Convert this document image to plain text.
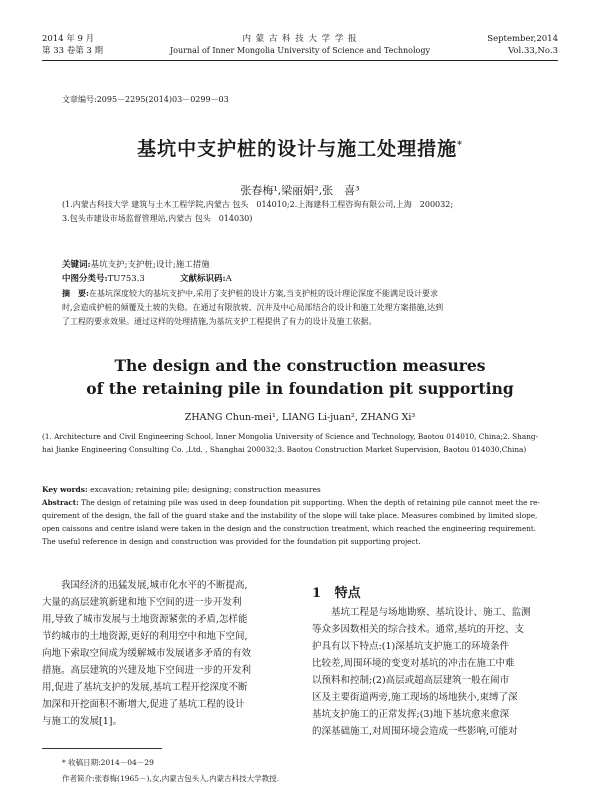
2014 年 9 月
第 33 卷第 3 期
内 蒙 古 科 技 大 学 学 报
Journal of Inner Mongolia University of Science and Technology
September,2014
Vol.33,No.3
文章编号:2095－2295(2014)03－0299－03
基坑中支护桩的设计与施工处理措施*
张春梅¹,梁丽娟²,张　喜³
(1.内蒙古科技大学 建筑与土木工程学院,内蒙古 包头　014010;2.上海建科工程咨询有限公司,上海　200032;
3.包头市建设市场监督管理站,内蒙古 包头　014030)
关键词:基坑支护;支护桩;设计;施工措施
中图分类号:TU753.3	文献标识码:A
摘　要:在基坑深度较大的基坑支护中,采用了支护桩的设计方案,当支护桩的设计理论深度不能满足设计要求
时,会造成护桩的倾覆及土坡的失稳。在通过有限放坡、沉井及中心局部结合的设计和施工处理方案措施,达到
了工程的要求效果。通过这样的处理措施,为基坑支护工程提供了有力的设计及施工依据。
The design and the construction measures
of the retaining pile in foundation pit supporting
ZHANG Chun-mei¹, LIANG Li-juan², ZHANG Xi³
(1. Architecture and Civil Engineering School, Inner Mongolia University of Science and Technology, Baotou 014010, China;2. Shang-
hai Jianke Engineering Consulting Co. ,Ltd. , Shanghai 200032;3. Baotou Construction Market Supervision, Baotou 014030,China)
Key words: excavation; retaining pile; designing; construction measures
Abstract: The design of retaining pile was used in deep foundation pit supporting. When the depth of retaining pile cannot meet the re-
quirement of the design, the fall of the guard stake and the instability of the slope will take place. Measures combined by limited slope,
open caissons and centre island were taken in the design and the construction treatment, which reached the engineering requirement.
The useful reference in design and construction was provided for the foundation pit supporting project.
我国经济的迅猛发展,城市化水平的不断提高,
大量的高层建筑新建和地下空间的进一步开发利
用,导致了城市发展与土地资源紧张的矛盾,怎样能
节约城市的土地资源,更好的利用空中和地下空间,
向地下索取空间成为缓解城市发展诸多矛盾的有效
措施。高层建筑的兴建及地下空间进一步的开发利
用,促进了基坑支护的发展,基坑工程开挖深度不断
加深和开挖面积不断增大,促进了基坑工程的设计
与施工的发展[1]。
1 特点
基坑工程是与场地勘察、基坑设计、施工、监测
等众多因数相关的综合技术。通常,基坑的开挖、支
护具有以下特点:(1)深基坑支护施工的环境条件
比较差,周围环境的变变对基坑的冲击在施工中难
以预料和控制;(2)高层或超高层建筑一般在闹市
区及主要街道两旁,施工现场的场地狭小,束缚了深
基坑支护施工的正常发挥;(3)地下基坑愈来愈深
的深基础施工,对周围环境会造成一些影响,可能对
* 收稿日期:2014－04－29
作者简介:张春梅(1965－),女,内蒙古包头人,内蒙古科技大学教授.
